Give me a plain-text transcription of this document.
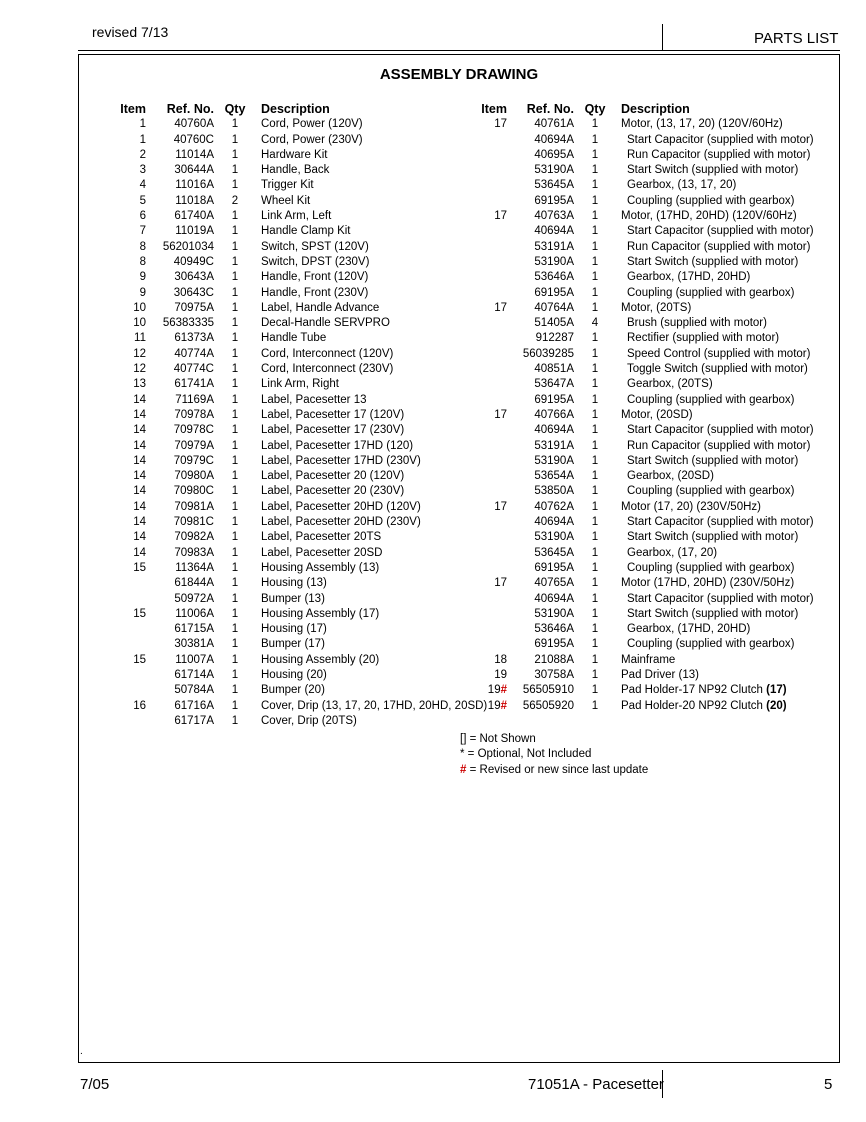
revised 7/13	PARTS LIST
ASSEMBLY DRAWING
Item	Ref. No. Qty	Description
1	40760A	1	Cord, Power (120V)
1	40760C	1	Cord, Power (230V)
2	11014A	1	Hardware Kit
3	30644A	1	Handle, Back
4	11016A	1	Trigger Kit
5	11018A	2	Wheel Kit
6	61740A	1	Link Arm, Left
7	11019A	1	Handle Clamp Kit
8	56201034	1	Switch, SPST (120V)
8	40949C	1	Switch, DPST (230V)
9	30643A	1	Handle, Front (120V)
9	30643C	1	Handle, Front (230V)
10	70975A	1	Label, Handle Advance
10	56383335	1	Decal-Handle SERVPRO
11	61373A	1	Handle Tube
12	40774A	1	Cord, Interconnect (120V)
12	40774C	1	Cord, Interconnect (230V)
13	61741A	1	Link Arm, Right
14	71169A	1	Label, Pacesetter 13
14	70978A	1	Label, Pacesetter 17 (120V)
14	70978C	1	Label, Pacesetter 17 (230V)
14	70979A	1	Label, Pacesetter 17HD (120)
14	70979C	1	Label, Pacesetter 17HD (230V)
14	70980A	1	Label, Pacesetter 20 (120V)
14	70980C	1	Label, Pacesetter 20 (230V)
14	70981A	1	Label, Pacesetter 20HD (120V)
14	70981C	1	Label, Pacesetter 20HD (230V)
14	70982A	1	Label, Pacesetter 20TS
14	70983A	1	Label, Pacesetter 20SD
15	11364A	1	Housing Assembly (13)
61844A	1	Housing (13)
50972A	1	Bumper (13)
15	11006A	1	Housing Assembly (17)
61715A	1	Housing (17)
30381A	1	Bumper (17)
15	11007A	1	Housing Assembly (20)
61714A	1	Housing (20)
50784A	1	Bumper (20)
16	61716A	1	Cover, Drip (13, 17, 20, 17HD, 20HD, 20SD)
61717A	1	Cover, Drip (20TS)
Item	Ref. No. Qty Description
17	40761A	1	Motor, (13, 17, 20) (120V/60Hz)
40694A	1	Start Capacitor (supplied with motor)
40695A	1	Run Capacitor (supplied with motor)
53190A	1	Start Switch (supplied with motor)
53645A	1	Gearbox, (13, 17, 20)
69195A	1	Coupling (supplied with gearbox)
17	40763A	1	Motor, (17HD, 20HD) (120V/60Hz)
40694A	1	Start Capacitor (supplied with motor)
53191A	1	Run Capacitor (supplied with motor)
53190A	1	Start Switch (supplied with motor)
53646A	1	Gearbox, (17HD, 20HD)
69195A	1	Coupling (supplied with gearbox)
17	40764A	1	Motor, (20TS)
51405A	4	Brush (supplied with motor)
912287	1	Rectifier (supplied with motor)
56039285	1	Speed Control (supplied with motor)
40851A	1	Toggle Switch (supplied with motor)
53647A	1	Gearbox, (20TS)
69195A	1	Coupling (supplied with gearbox)
17	40766A	1	Motor, (20SD)
40694A	1	Start Capacitor (supplied with motor)
53191A	1	Run Capacitor (supplied with motor)
53190A	1	Start Switch (supplied with motor)
53654A	1	Gearbox, (20SD)
53850A	1	Coupling (supplied with gearbox)
17	40762A	1	Motor (17, 20) (230V/50Hz)
40694A	1	Start Capacitor (supplied with motor)
53190A	1	Start Switch (supplied with motor)
53645A	1	Gearbox, (17, 20)
69195A	1	Coupling (supplied with gearbox)
17	40765A	1	Motor (17HD, 20HD) (230V/50Hz)
40694A	1	Start Capacitor (supplied with motor)
53190A	1	Start Switch (supplied with motor)
53646A	1	Gearbox, (17HD, 20HD)
69195A	1	Coupling (supplied with gearbox)
18	21088A	1	Mainframe
19	30758A	1	Pad Driver (13)
19# 56505910	1	Pad Holder-17 NP92 Clutch (17)
19# 56505920	1	Pad Holder-20 NP92 Clutch (20)
[] = Not Shown
* = Optional, Not Included
# = Revised or new since last update
.
7/05	71051A - Pacesetter	5
